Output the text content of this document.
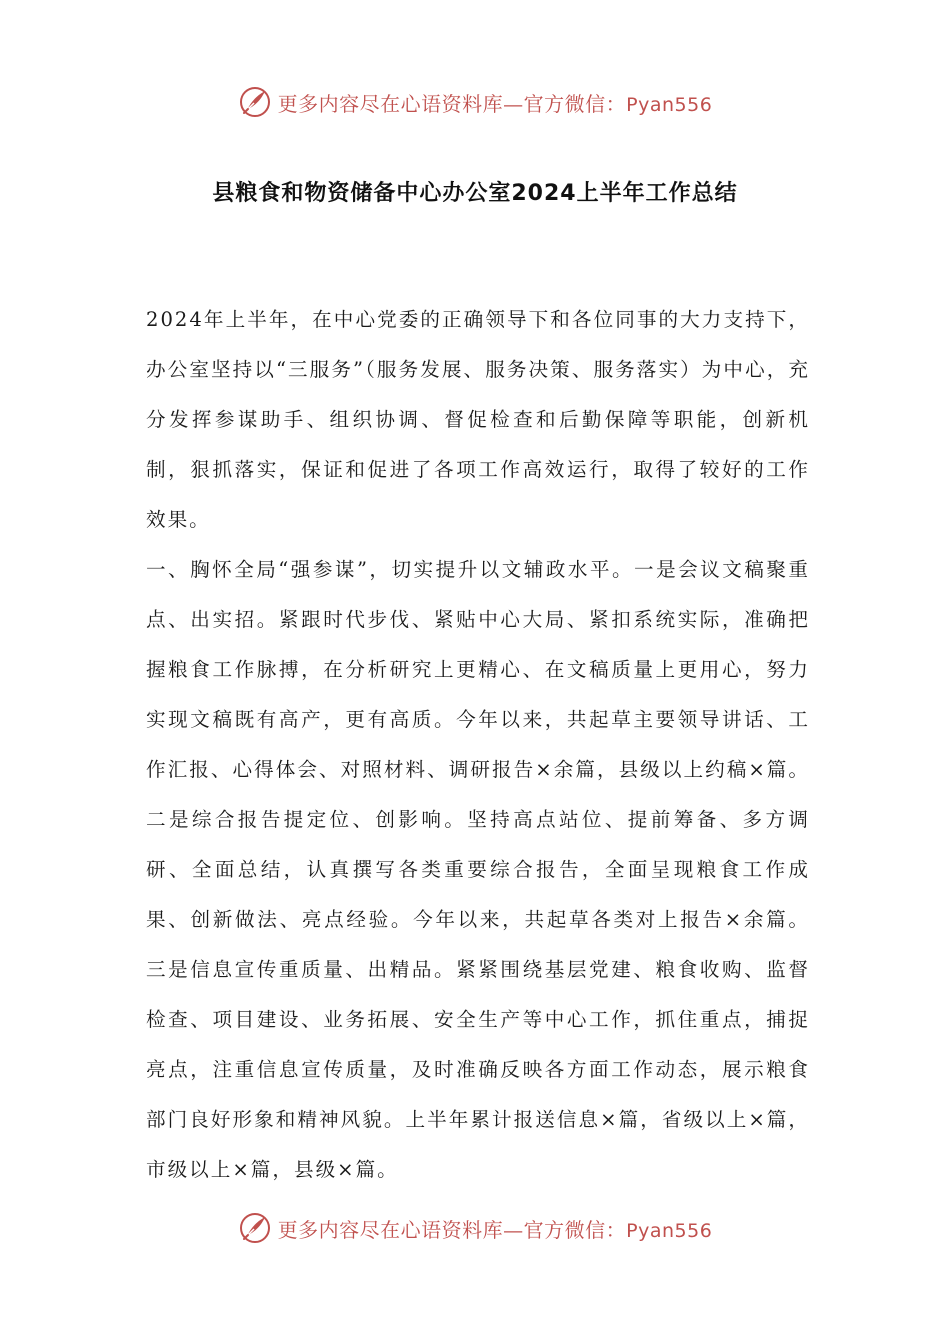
更多内容尽在心语资料库—官方微信：Pyan556
县粮食和物资储备中心办公室2024上半年工作总结

2024年上半年，在中心党委的正确领导下和各位同事的大力支持下，办公室坚持以“三服务”（服务发展、服务决策、服务落实）为中心，充分发挥参谋助手、组织协调、督促检查和后勤保障等职能，创新机制，狠抓落实，保证和促进了各项工作高效运行，取得了较好的工作效果。

一、胸怀全局“强参谋”，切实提升以文辅政水平。一是会议文稿聚重点、出实招。紧跟时代步伐、紧贴中心大局、紧扣系统实际，准确把握粮食工作脉搏，在分析研究上更精心、在文稿质量上更用心，努力实现文稿既有高产，更有高质。今年以来，共起草主要领导讲话、工作汇报、心得体会、对照材料、调研报告×余篇，县级以上约稿×篇。二是综合报告提定位、创影响。坚持高点站位、提前筹备、多方调研、全面总结，认真撰写各类重要综合报告，全面呈现粮食工作成果、创新做法、亮点经验。今年以来，共起草各类对上报告×余篇。三是信息宣传重质量、出精品。紧紧围绕基层党建、粮食收购、监督检查、项目建设、业务拓展、安全生产等中心工作，抓住重点，捕捉亮点，注重信息宣传质量，及时准确反映各方面工作动态，展示粮食部门良好形象和精神风貌。上半年累计报送信息×篇，省级以上×篇，市级以上×篇，县级×篇。

更多内容尽在心语资料库—官方微信：Pyan556
